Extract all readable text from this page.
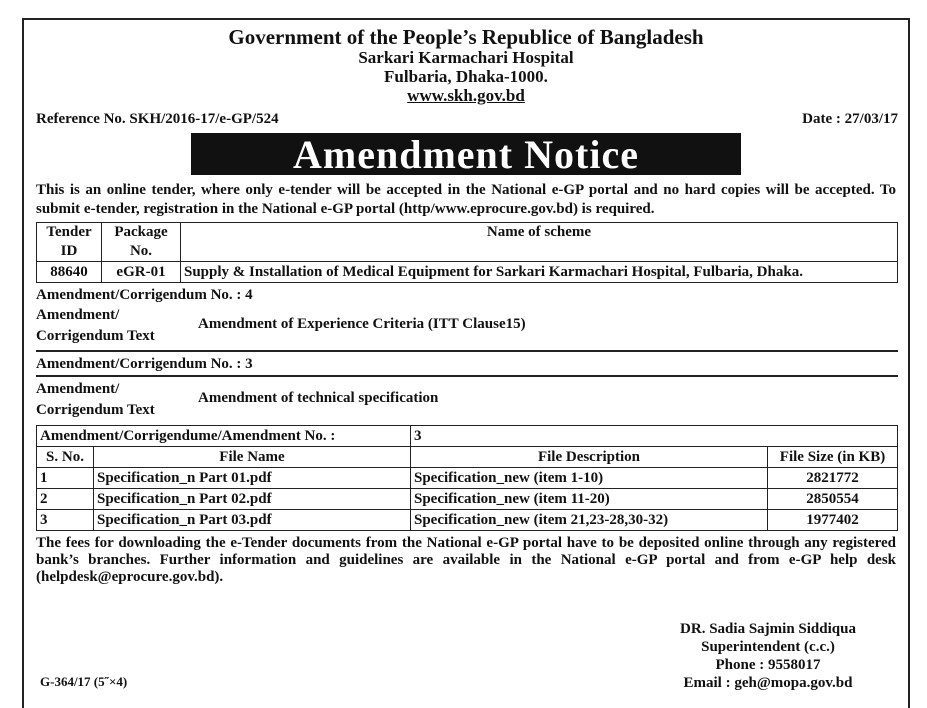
Government of the People’s Republice of Bangladesh
Sarkari Karmachari Hospital
Fulbaria, Dhaka-1000.
www.skh.gov.bd
Reference No. SKH/2016-17/e-GP/524	Date : 27/03/17
Amendment Notice
This is an online tender, where only e-tender will be accepted in the National e-GP portal and no hard copies will be accepted. To submit e-tender, registration in the National e-GP portal (http/www.eprocure.gov.bd) is required.
Tender ID	Package No.	Name of scheme
88640	eGR-01	Supply & Installation of Medical Equipment for Sarkari Karmachari Hospital, Fulbaria, Dhaka.
Amendment/Corrigendum No. : 4
Amendment/
Corrigendum Text
Amendment of Experience Criteria (ITT Clause15)
Amendment/Corrigendum No. : 3
Amendment/
Corrigendum Text
Amendment of technical specification
Amendment/Corrigendume/Amendment No. :		3	
S. No.	File Name	File Description	File Size (in KB)
1	Specification_n Part 01.pdf	Specification_new (item 1-10)	2821772
2	Specification_n Part 02.pdf	Specification_new (item 11-20)	2850554
3	Specification_n Part 03.pdf	Specification_new (item 21,23-28,30-32)	1977402
The fees for downloading the e-Tender documents from the National e-GP portal have to be deposited online through any registered bank’s branches. Further information and guidelines are available in the National e-GP portal and from e-GP help desk (helpdesk@eprocure.gov.bd).
DR. Sadia Sajmin Siddiqua
Superintendent (c.c.)
Phone : 9558017
Email : geh@mopa.gov.bd
G-364/17 (5˝×4)
